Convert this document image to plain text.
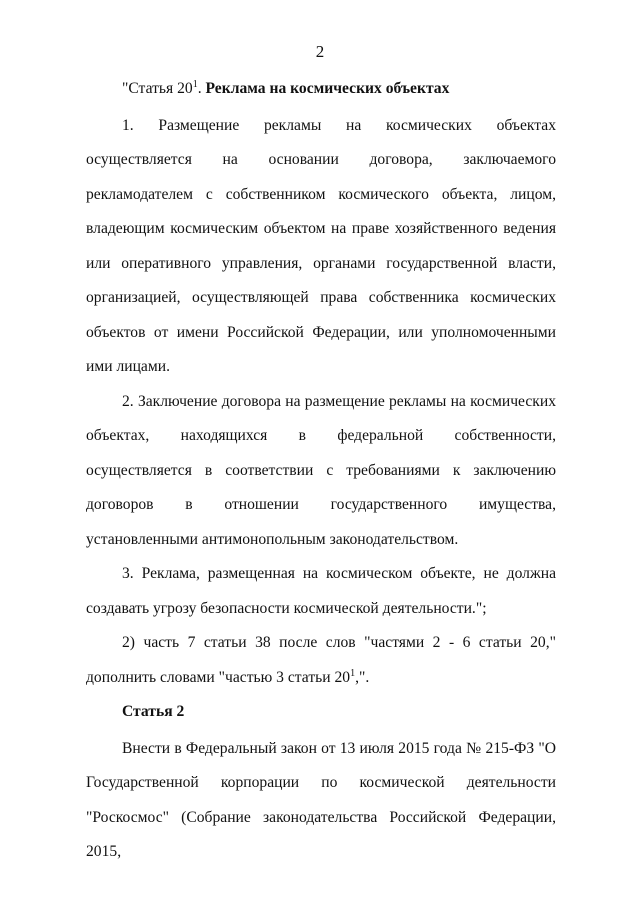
2

"Статья $20^1$. Реклама на космических объектах

1. Размещение рекламы на космических объектах осуществляется на основании договора, заключаемого рекламодателем с собственником космического объекта, лицом, владеющим космическим объектом на праве хозяйственного ведения или оперативного управления, органами государственной власти, организацией, осуществляющей права собственника космических объектов от имени Российской Федерации, или уполномоченными ими лицами.

2. Заключение договора на размещение рекламы на космических объектах, находящихся в федеральной собственности, осуществляется в соответствии с требованиями к заключению договоров в отношении государственного имущества, установленными антимонопольным законодательством.

3. Реклама, размещенная на космическом объекте, не должна создавать угрозу безопасности космической деятельности.";

2) часть 7 статьи 38 после слов "частями 2 - 6 статьи 20," дополнить словами "частью 3 статьи $20^1$,".

Статья 2

Внести в Федеральный закон от 13 июля 2015 года № 215-ФЗ "О Государственной корпорации по космической деятельности "Роскосмос" (Собрание законодательства Российской Федерации, 2015,
